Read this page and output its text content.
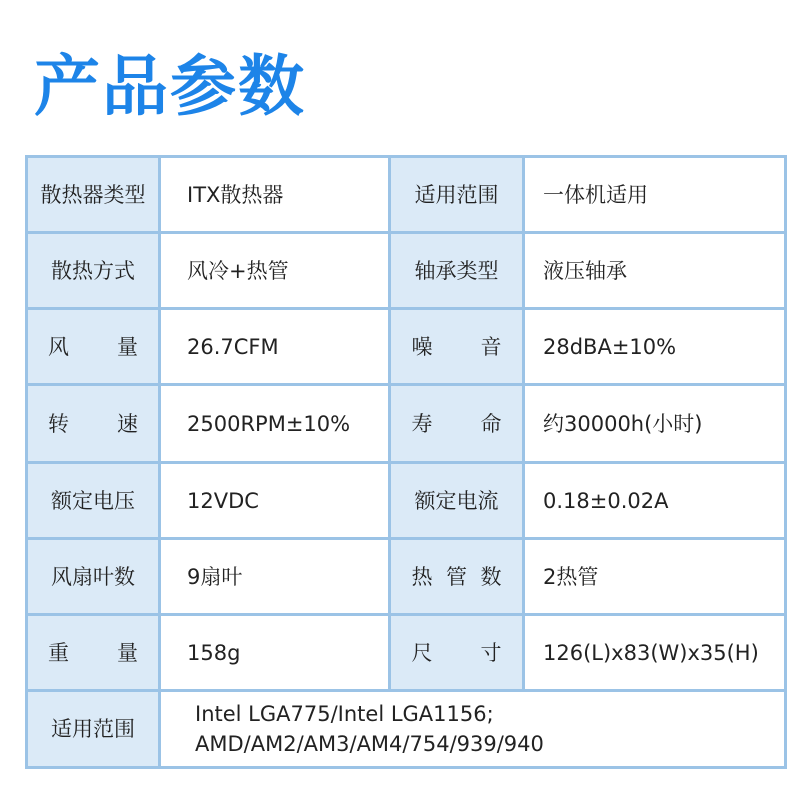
产品参数
散热器类型	ITX散热器	适用范围	一体机适用
散热方式	风冷+热管	轴承类型	液压轴承
风量	26.7CFM	噪音	28dBA±10%
转速	2500RPM±10%	寿命	约30000h(小时)
额定电压	12VDC	额定电流	0.18±0.02A
风扇叶数	9扇叶	热管数	2热管
重量	158g	尺寸	126(L)x83(W)x35(H)
适用范围	Intel LGA775/Intel LGA1156;
AMD/AM2/AM3/AM4/754/939/940		
